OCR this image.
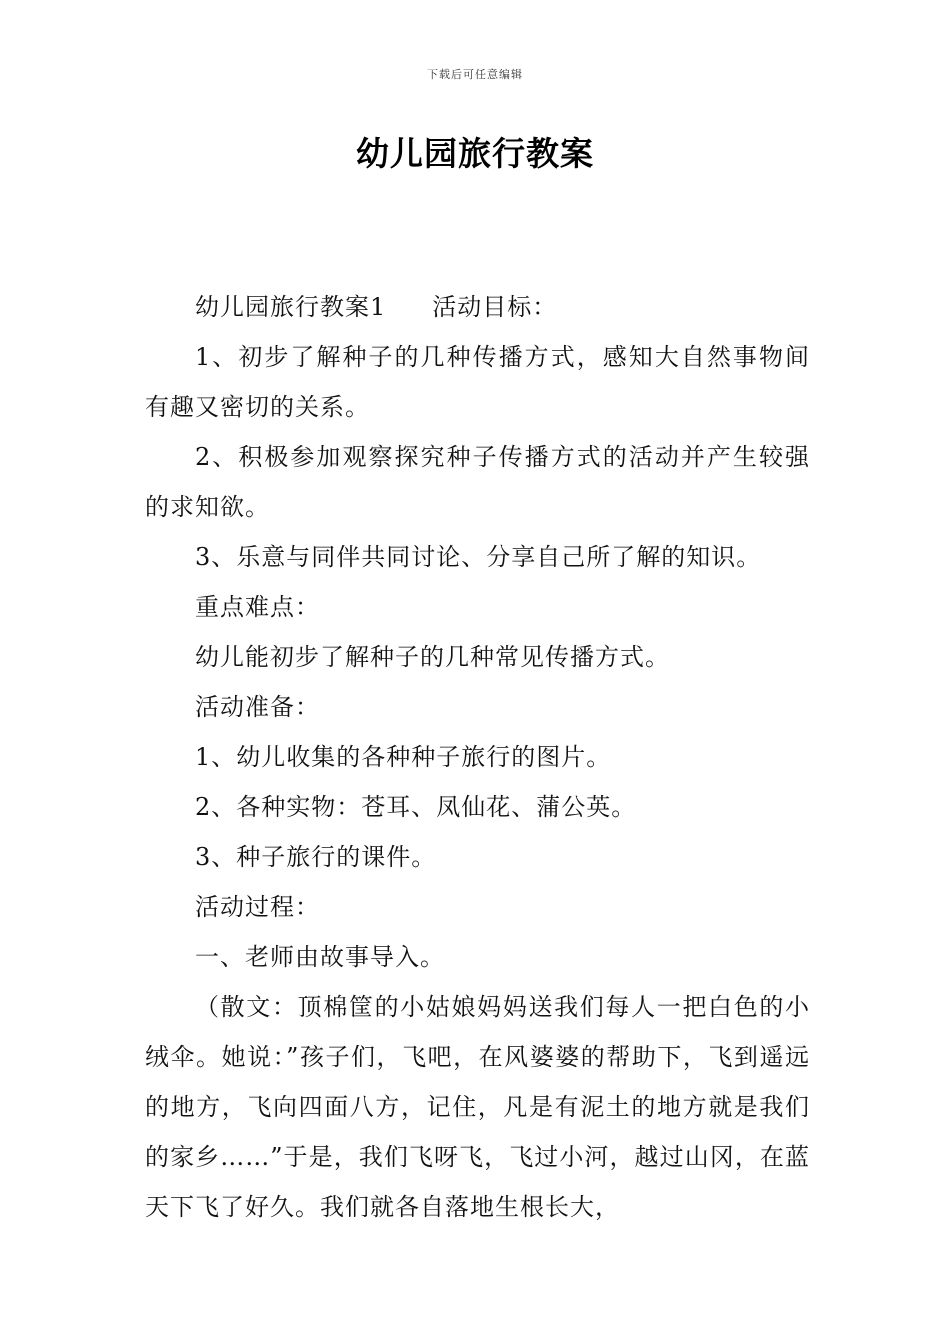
下载后可任意编辑
幼儿园旅行教案

幼儿园旅行教案1 活动目标：

1、初步了解种子的几种传播方式，感知大自然事物间有趣又密切的关系。

2、积极参加观察探究种子传播方式的活动并产生较强的求知欲。

3、乐意与同伴共同讨论、分享自己所了解的知识。

重点难点：

幼儿能初步了解种子的几种常见传播方式。

活动准备：

1、幼儿收集的各种种子旅行的图片。

2、各种实物：苍耳、凤仙花、蒲公英。

3、种子旅行的课件。

活动过程：

一、老师由故事导入。

（散文：顶棉筐的小姑娘妈妈送我们每人一把白色的小绒伞。她说：”孩子们，飞吧，在风婆婆的帮助下，飞到遥远的地方，飞向四面八方，记住，凡是有泥土的地方就是我们的家乡……”于是，我们飞呀飞，飞过小河，越过山冈，在蓝天下飞了好久。我们就各自落地生根长大，
